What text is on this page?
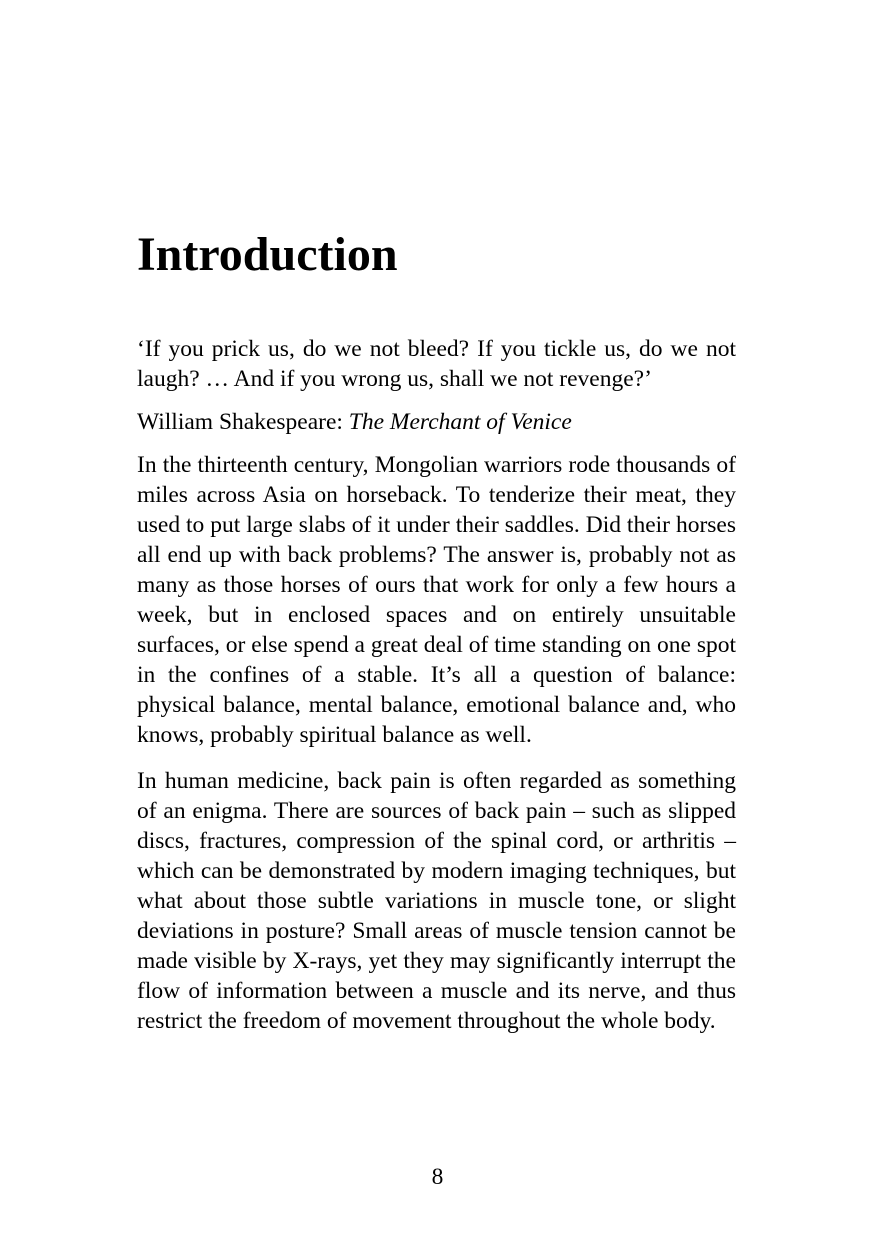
Introduction

‘If you prick us, do we not bleed? If you tickle us, do we not laugh? … And if you wrong us, shall we not revenge?’

William Shakespeare: The Merchant of Venice

In the thirteenth century, Mongolian warriors rode thousands of miles across Asia on horseback. To tenderize their meat, they used to put large slabs of it under their saddles. Did their horses all end up with back problems? The answer is, probably not as many as those horses of ours that work for only a few hours a week, but in enclosed spaces and on entirely unsuitable surfaces, or else spend a great deal of time standing on one spot in the confines of a stable. It’s all a question of balance: physical balance, mental balance, emotional balance and, who knows, probably spiritual balance as well.

In human medicine, back pain is often regarded as something of an enigma. There are sources of back pain – such as slipped discs, fractures, compression of the spinal cord, or arthritis – which can be demonstrated by modern imaging techniques, but what about those subtle variations in muscle tone, or slight deviations in posture? Small areas of muscle tension cannot be made visible by X-rays, yet they may significantly interrupt the flow of information between a muscle and its nerve, and thus restrict the freedom of movement throughout the whole body.

8
